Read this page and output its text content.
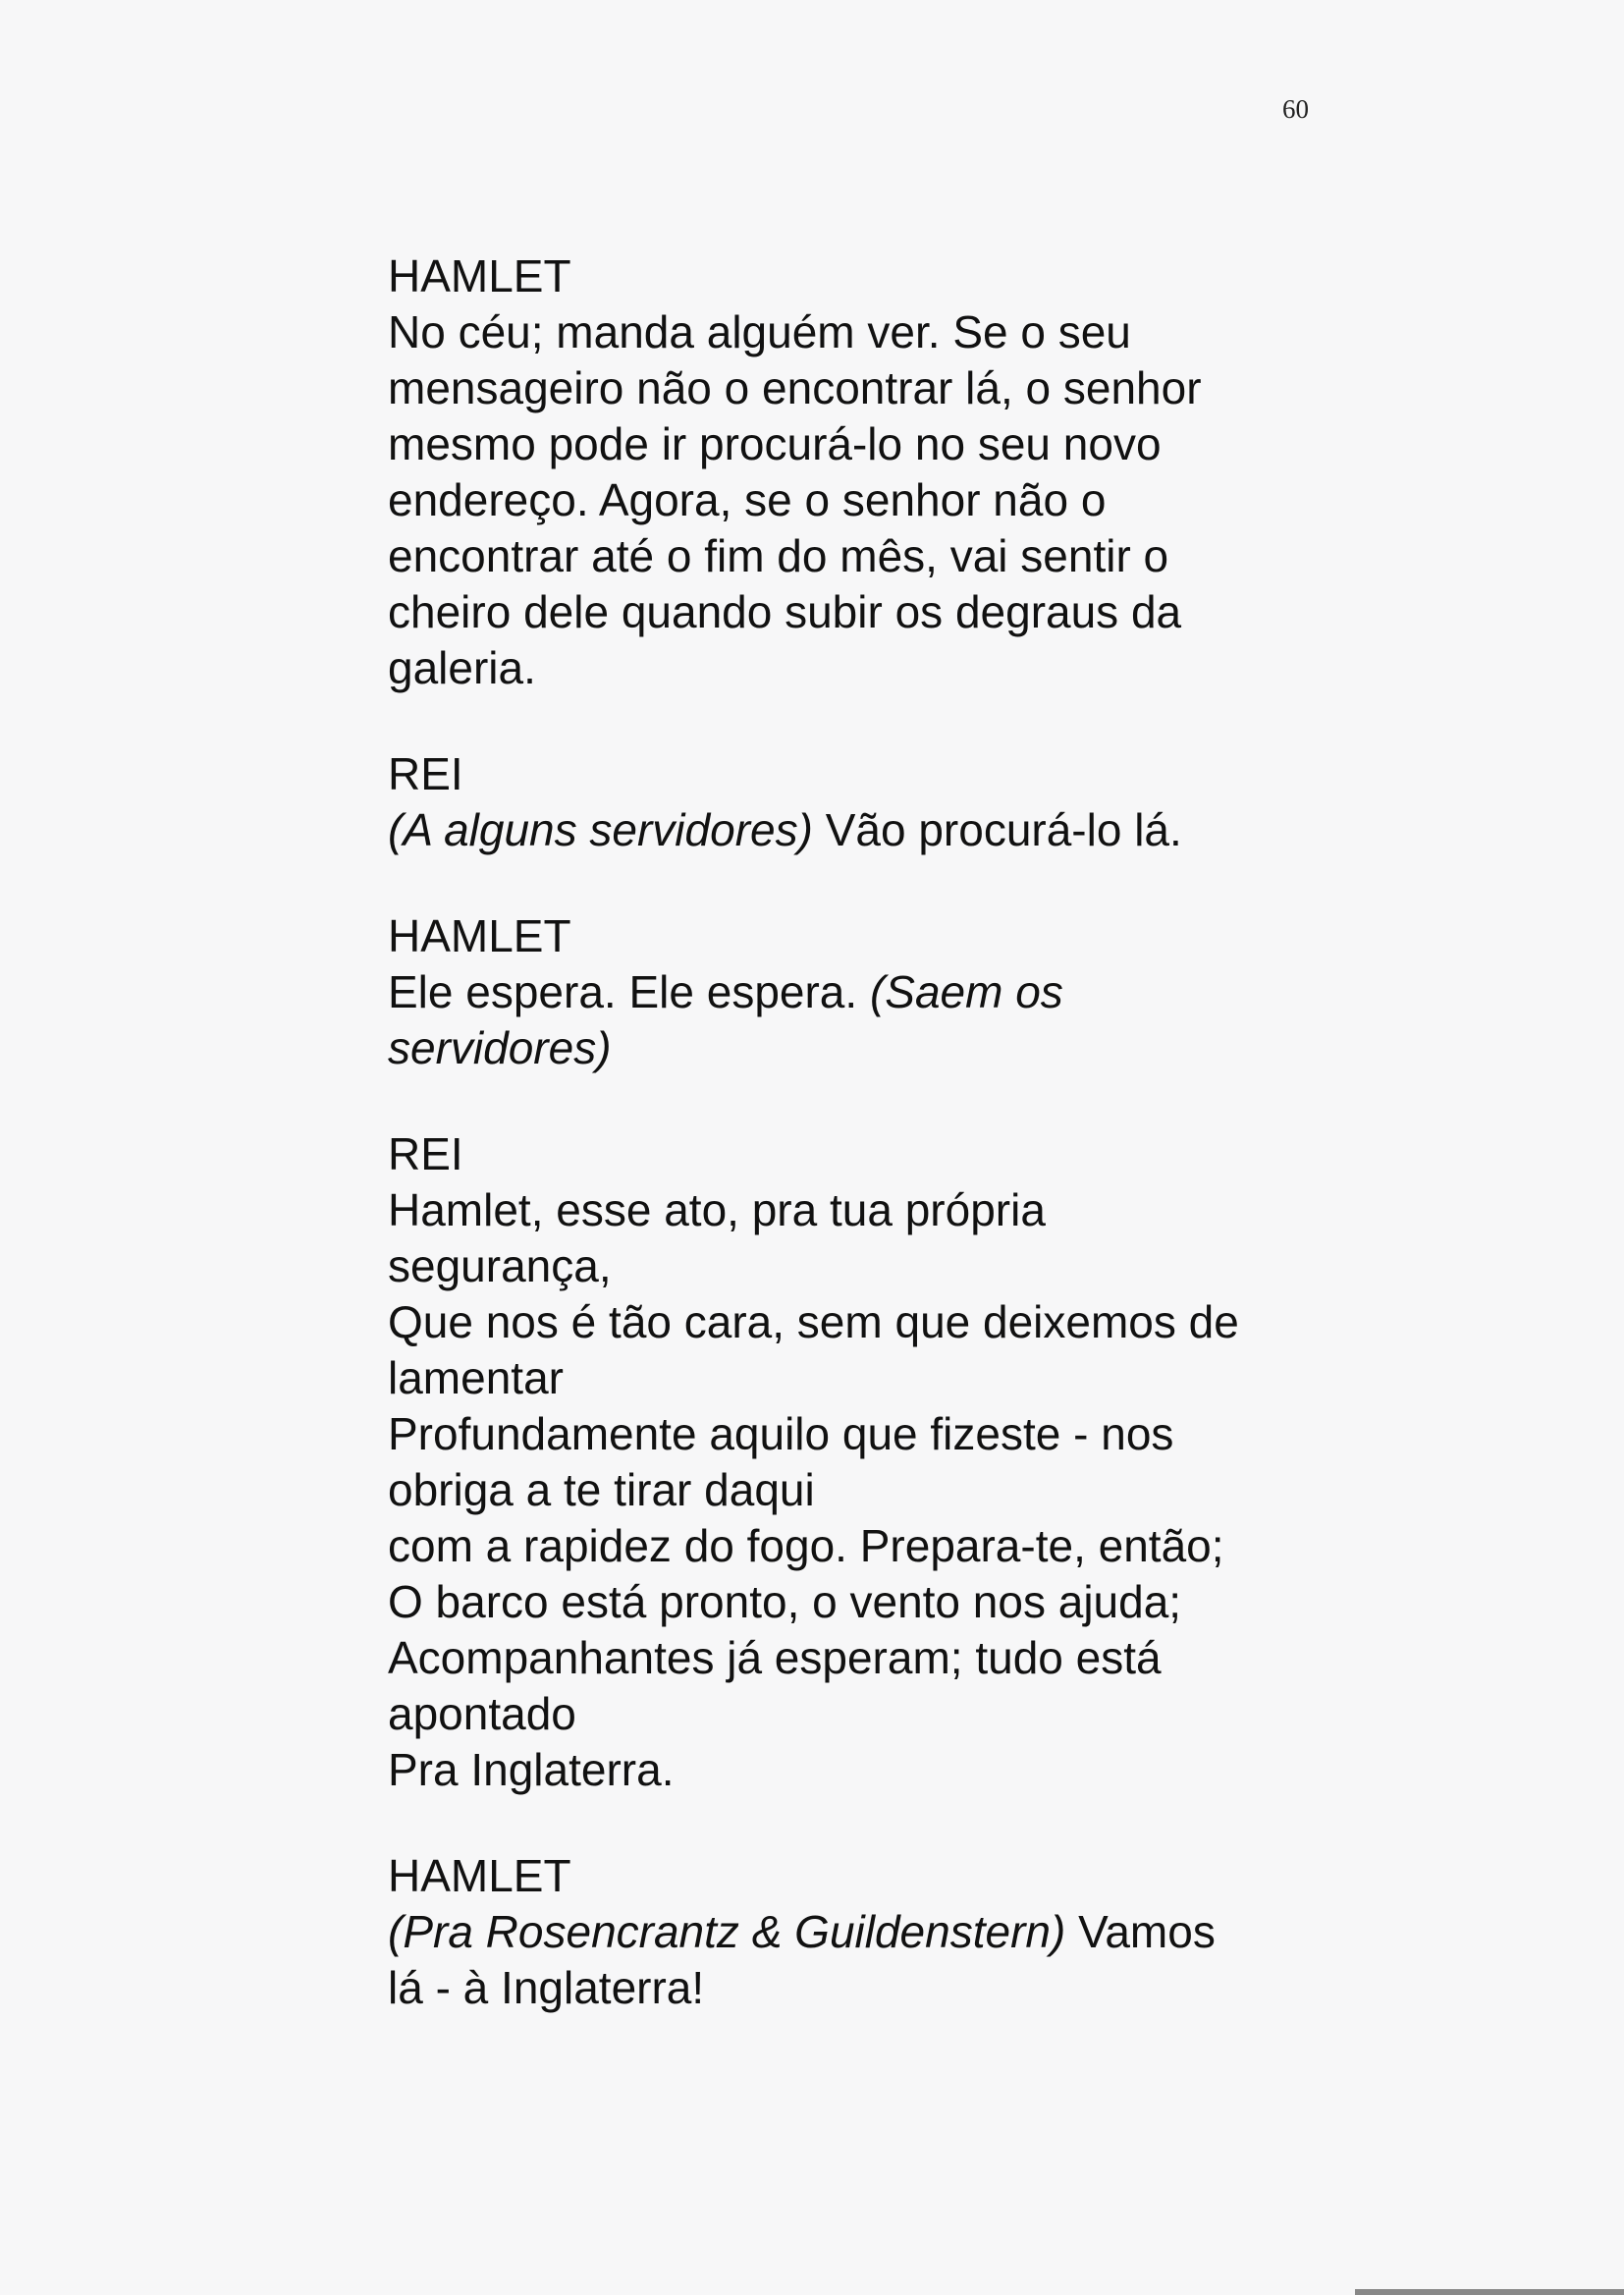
60
HAMLET
No céu; manda alguém ver. Se o seu
mensageiro não o encontrar lá, o senhor
mesmo pode ir procurá-lo no seu novo
endereço. Agora, se o senhor não o
encontrar até o fim do mês, vai sentir o
cheiro dele quando subir os degraus da
galeria.
REI
(A alguns servidores) Vão procurá-lo lá.
HAMLET
Ele espera. Ele espera. (Saem os
servidores)
REI
Hamlet, esse ato, pra tua própria
segurança,
Que nos é tão cara, sem que deixemos de
lamentar
Profundamente aquilo que fizeste - nos
obriga a te tirar daqui
com a rapidez do fogo. Prepara-te, então;
O barco está pronto, o vento nos ajuda;
Acompanhantes já esperam; tudo está
apontado
Pra Inglaterra.
HAMLET
(Pra Rosencrantz & Guildenstern) Vamos
lá - à Inglaterra!
